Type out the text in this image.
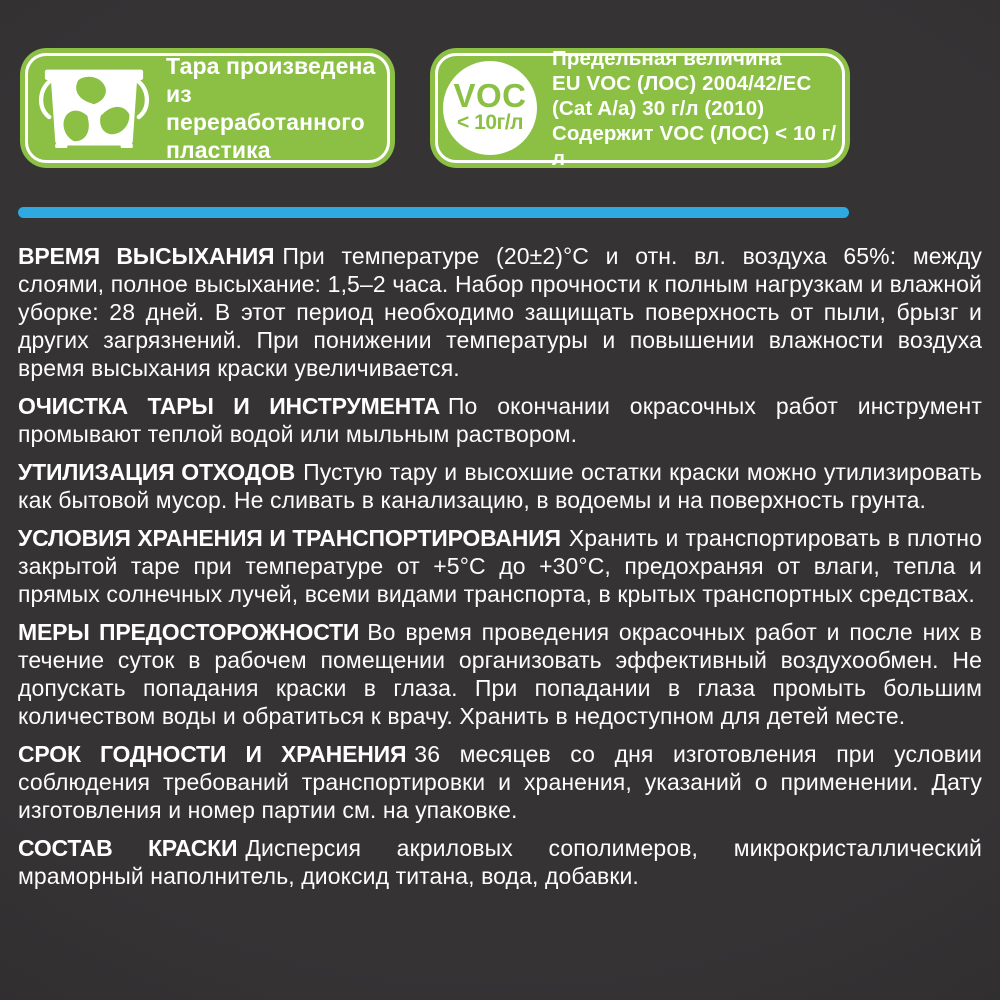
Тара произведена
из переработанного
пластика
VOC
< 10г/л
Предельная величина
EU VOC (ЛОС) 2004/42/EC
(Cat A/a) 30 г/л (2010)
Содержит VOC (ЛОС) < 10 г/л

ВРЕМЯ ВЫСЫХАНИЯ При температуре (20±2)°С и отн. вл. воздуха 65%: между слоями, полное высыхание: 1,5–2 часа. Набор прочности к полным нагрузкам и влажной уборке: 28 дней. В этот период необходимо защищать поверхность от пыли, брызг и других загрязнений. При понижении температуры и повышении влажности воздуха время высыхания краски увеличивается.

ОЧИСТКА ТАРЫ И ИНСТРУМЕНТА По окончании окрасочных работ инструмент промывают теплой водой или мыльным раствором.

УТИЛИЗАЦИЯ ОТХОДОВ Пустую тару и высохшие остатки краски можно утилизировать как бытовой мусор. Не сливать в канализацию, в водоемы и на поверхность грунта.

УСЛОВИЯ ХРАНЕНИЯ И ТРАНСПОРТИРОВАНИЯ Хранить и транспортировать в плотно закрытой таре при температуре от +5°С до +30°С, предохраняя от влаги, тепла и прямых солнечных лучей, всеми видами транспорта, в крытых транспортных средствах.

МЕРЫ ПРЕДОСТОРОЖНОСТИ Во время проведения окрасочных работ и после них в течение суток в рабочем помещении организовать эффективный воздухообмен. Не допускать попадания краски в глаза. При попадании в глаза промыть большим количеством воды и обратиться к врачу. Хранить в недоступном для детей месте.

СРОК ГОДНОСТИ И ХРАНЕНИЯ 36 месяцев со дня изготовления при условии соблюдения требований транспортировки и хранения, указаний о применении. Дату изготовления и номер партии см. на упаковке.

СОСТАВ КРАСКИ Дисперсия акриловых сополимеров, микрокристаллический мраморный наполнитель, диоксид титана, вода, добавки.
